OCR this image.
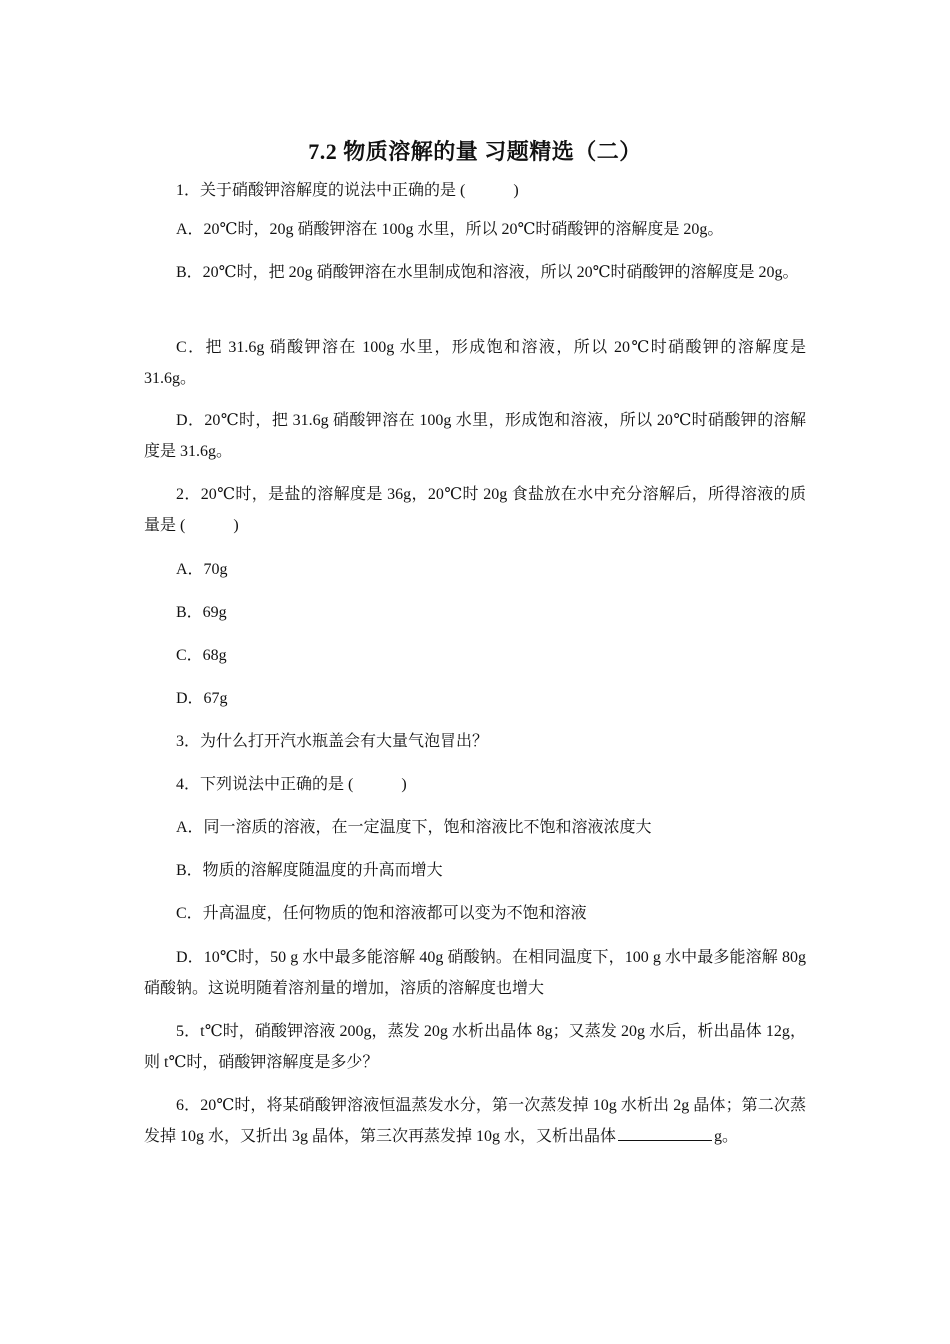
7.2 物质溶解的量 习题精选（二）

1．关于硝酸钾溶解度的说法中正确的是 (　　　)

A．20℃时，20g 硝酸钾溶在 100g 水里，所以 20℃时硝酸钾的溶解度是 20g。

B．20℃时，把 20g 硝酸钾溶在水里制成饱和溶液，所以 20℃时硝酸钾的溶解度是 20g。

C．把 31.6g 硝酸钾溶在 100g 水里，形成饱和溶液，所以 20℃时硝酸钾的溶解度是 31.6g。

D．20℃时，把 31.6g 硝酸钾溶在 100g 水里，形成饱和溶液，所以 20℃时硝酸钾的溶解度是 31.6g。

2．20℃时，是盐的溶解度是 36g，20℃时 20g 食盐放在水中充分溶解后，所得溶液的质量是 (　　　)

A．70g

B．69g

C．68g

D．67g

3．为什么打开汽水瓶盖会有大量气泡冒出？

4．下列说法中正确的是 (　　　)

A．同一溶质的溶液，在一定温度下，饱和溶液比不饱和溶液浓度大

B．物质的溶解度随温度的升高而增大

C．升高温度，任何物质的饱和溶液都可以变为不饱和溶液

D．10℃时，50 g 水中最多能溶解 40g 硝酸钠。在相同温度下，100 g 水中最多能溶解 80g 硝酸钠。这说明随着溶剂量的增加，溶质的溶解度也增大

5．t℃时，硝酸钾溶液 200g，蒸发 20g 水析出晶体 8g；又蒸发 20g 水后，析出晶体 12g，则 t℃时，硝酸钾溶解度是多少？

6．20℃时，将某硝酸钾溶液恒温蒸发水分，第一次蒸发掉 10g 水析出 2g 晶体；第二次蒸发掉 10g 水，又折出 3g 晶体，第三次再蒸发掉 10g 水，又析出晶体	g。
